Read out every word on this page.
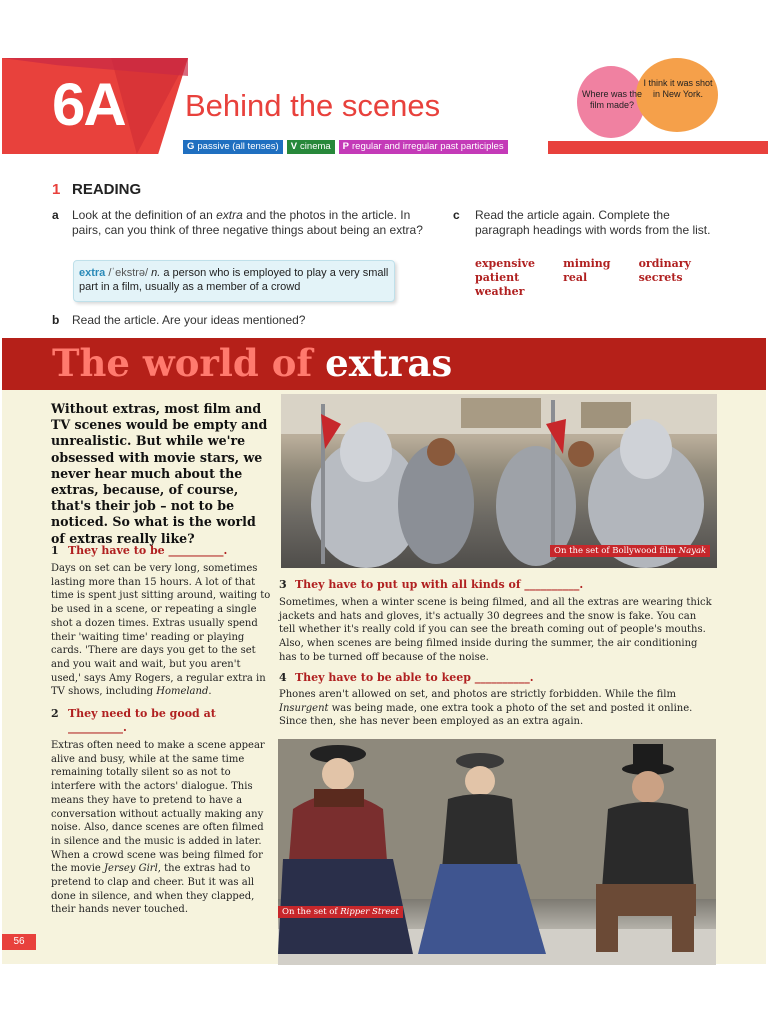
6A Behind the scenes
G passive (all tenses)	V cinema	P regular and irregular past participles
Where was the film made?
I think it was shot in New York.
1 READING
a Look at the definition of an extra and the photos in the article. In pairs, can you think of three negative things about being an extra?
extra /ˈekstrə/ n. a person who is employed to play a very small part in a film, usually as a member of a crowd
b Read the article. Are your ideas mentioned?
c Read the article again. Complete the paragraph headings with words from the list.
expensive	miming	ordinary
patient	real	secrets
weather
The world of extras
Without extras, most film and TV scenes would be empty and unrealistic. But while we're obsessed with movie stars, we never hear much about the extras, because, of course, that's their job – not to be noticed. So what is the world of extras really like?
1 They have to be __________.
Days on set can be very long, sometimes lasting more than 15 hours. A lot of that time is spent just sitting around, waiting to be used in a scene, or repeating a single shot a dozen times. Extras usually spend their 'waiting time' reading or playing cards. 'There are days you get to the set and you wait and wait, but you aren't used,' says Amy Rogers, a regular extra in TV shows, including Homeland.
2 They need to be good at __________.
Extras often need to make a scene appear alive and busy, while at the same time remaining totally silent so as not to interfere with the actors' dialogue. This means they have to pretend to have a conversation without actually making any noise. Also, dance scenes are often filmed in silence and the music is added in later. When a crowd scene was being filmed for the movie Jersey Girl, the extras had to pretend to clap and cheer. But it was all done in silence, and when they clapped, their hands never touched.
On the set of Bollywood film Nayak
3 They have to put up with all kinds of __________.
Sometimes, when a winter scene is being filmed, and all the extras are wearing thick jackets and hats and gloves, it's actually 30 degrees and the snow is fake. You can tell whether it's really cold if you can see the breath coming out of people's mouths. Also, when scenes are being filmed inside during the summer, the air conditioning has to be turned off because of the noise.
4 They have to be able to keep __________.
Phones aren't allowed on set, and photos are strictly forbidden. While the film Insurgent was being made, one extra took a photo of the set and posted it online. Since then, she has never been employed as an extra again.
On the set of Ripper Street
56
